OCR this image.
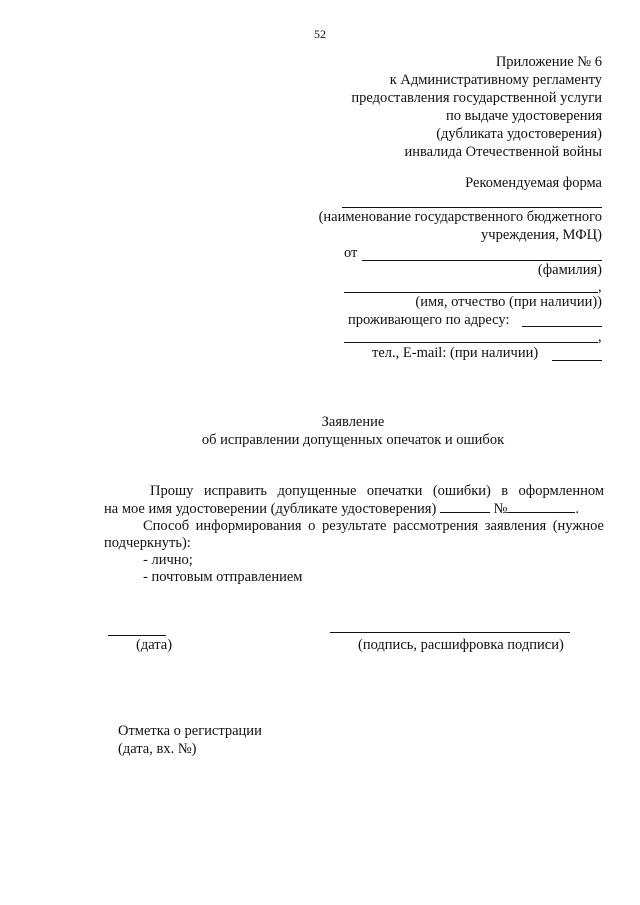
52
Приложение № 6
к Административному регламенту
предоставления государственной услуги
по выдаче удостоверения
(дубликата удостоверения)
инвалида Отечественной войны
Рекомендуемая форма
(наименование государственного бюджетного
учреждения, МФЦ)
от
(фамилия)
,
(имя, отчество (при наличии))
проживающего по адресу:
,
тел., E-mail: (при наличии)
Заявление
об исправлении допущенных опечаток и ошибок
Прошу исправить допущенные опечатки (ошибки) в оформленном
на мое имя удостоверении (дубликате удостоверения)	№	.
Способ информирования о результате рассмотрения заявления (нужное
подчеркнуть):
- лично;
- почтовым отправлением
(дата)	(подпись, расшифровка подписи)
Отметка о регистрации
(дата, вх. №)
